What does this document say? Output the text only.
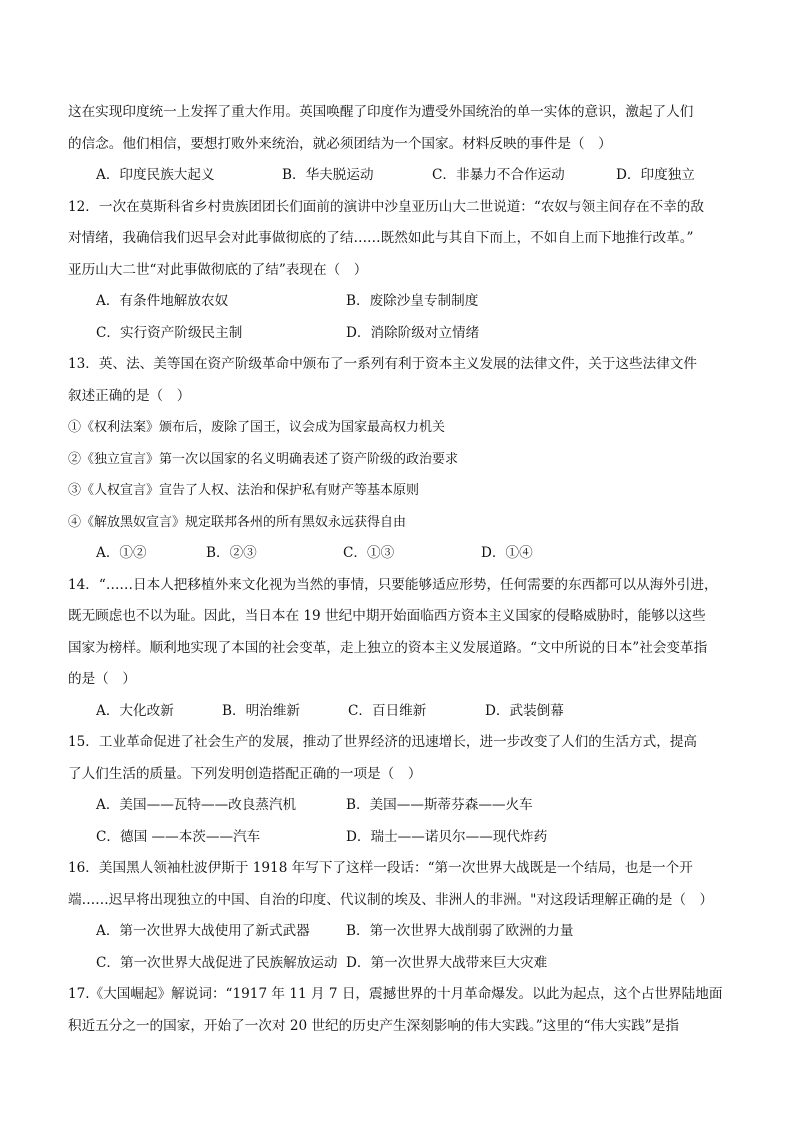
这在实现印度统一上发挥了重大作用。英国唤醒了印度作为遭受外国统治的单一实体的意识，激起了人们
的信念。他们相信，要想打败外来统治，就必须团结为一个国家。材料反映的事件是（　）
A．印度民族大起义	B．华夫脱运动	C．非暴力不合作运动	D．印度独立
12．一次在莫斯科省乡村贵族团团长们面前的演讲中沙皇亚历山大二世说道：“农奴与领主间存在不幸的敌
对情绪，我确信我们迟早会对此事做彻底的了结……既然如此与其自下而上，不如自上而下地推行改革。”
亚历山大二世“对此事做彻底的了结”表现在（　）
A．有条件地解放农奴	B．废除沙皇专制制度
C．实行资产阶级民主制	D．消除阶级对立情绪
13．英、法、美等国在资产阶级革命中颁布了一系列有利于资本主义发展的法律文件，关于这些法律文件
叙述正确的是（　）
①《权利法案》颁布后，废除了国王，议会成为国家最高权力机关
②《独立宣言》第一次以国家的名义明确表述了资产阶级的政治要求
③《人权宣言》宣告了人权、法治和保护私有财产等基本原则
④《解放黑奴宣言》规定联邦各州的所有黑奴永远获得自由
A．①②	B．②③	C．①③	D．①④
14．“……日本人把移植外来文化视为当然的事情，只要能够适应形势，任何需要的东西都可以从海外引进，
既无顾虑也不以为耻。因此，当日本在 19 世纪中期开始面临西方资本主义国家的侵略威胁时，能够以这些
国家为榜样。顺利地实现了本国的社会变革，走上独立的资本主义发展道路。“文中所说的日本”社会变革指
的是（　）
A．大化改新	B．明治维新	C．百日维新	D．武装倒幕
15．工业革命促进了社会生产的发展，推动了世界经济的迅速增长，进一步改变了人们的生活方式，提高
了人们生活的质量。下列发明创造搭配正确的一项是（　）
A．美国——瓦特——改良蒸汽机	B．美国——斯蒂芬森——火车
C．德国 ——本茨——汽车	D．瑞士——诺贝尔——现代炸药
16．美国黑人领袖杜波伊斯于 1918 年写下了这样一段话：“第一次世界大战既是一个结局，也是一个开
端……迟早将出现独立的中国、自治的印度、代议制的埃及、非洲人的非洲。"对这段话理解正确的是（　）
A．第一次世界大战使用了新式武器	B．第一次世界大战削弱了欧洲的力量
C．第一次世界大战促进了民族解放运动 D．第一次世界大战带来巨大灾难
17.《大国崛起》解说词：“1917 年 11 月 7 日，震撼世界的十月革命爆发。以此为起点，这个占世界陆地面
积近五分之一的国家，开始了一次对 20 世纪的历史产生深刻影响的伟大实践。”这里的“伟大实践”是指
